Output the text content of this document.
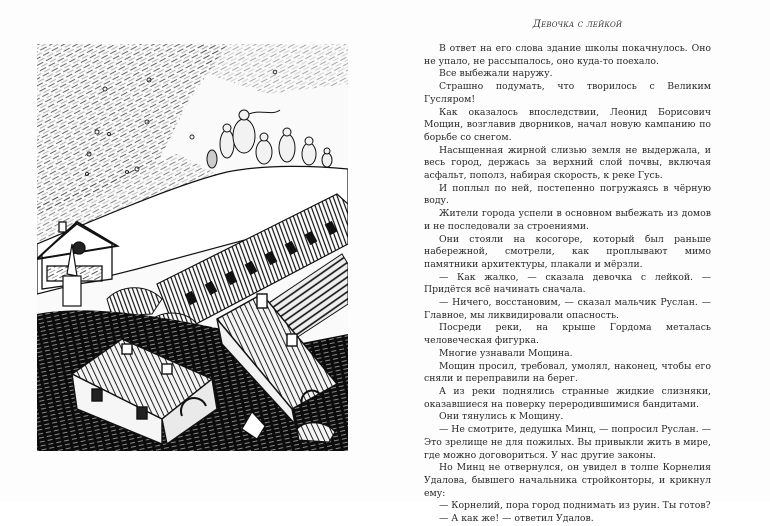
Девочка с лейкой

В ответ на его слова здание школы покачнулось. Оно не упало, не рассыпалось, оно куда-то поехало.

Все выбежали наружу.

Страшно подумать, что творилось с Великим Гусляром!

Как оказалось впоследствии, Леонид Борисович Мощин, возглавив дворников, начал новую кампанию по борьбе со снегом.

Насыщенная жирной слизью земля не выдержала, и весь город, держась за верхний слой почвы, включая асфальт, пополз, набирая скорость, к реке Гусь.

И поплыл по ней, постепенно погружаясь в чёрную воду.

Жители города успели в основном выбежать из домов и не последовали за строениями.

Они стояли на косогоре, который был раньше набережной, смотрели, как проплывают мимо памятники архитектуры, плакали и мёрзли.

— Как жалко, — сказала девочка с лейкой. — Придётся всё начинать сначала.

— Ничего, восстановим, — сказал мальчик Руслан. — Главное, мы ликвидировали опасность.

Посреди реки, на крыше Гордома металась человеческая фигурка.

Многие узнавали Мощина.

Мощин просил, требовал, умолял, наконец, чтобы его сняли и переправили на берег.

А из реки поднялись странные жидкие слизняки, оказавшиеся на поверку переродившимися бандитами.

Они тянулись к Мощину.

— Не смотрите, дедушка Минц, — попросил Руслан. — Это зрелище не для пожилых. Вы привыкли жить в мире, где можно договориться. У нас другие законы.

Но Минц не отвернулся, он увидел в толпе Корнелия Удалова, бывшего начальника стройконторы, и крикнул ему:

— Корнелий, пора город поднимать из руин. Ты готов?

— А как же! — ответил Удалов.
